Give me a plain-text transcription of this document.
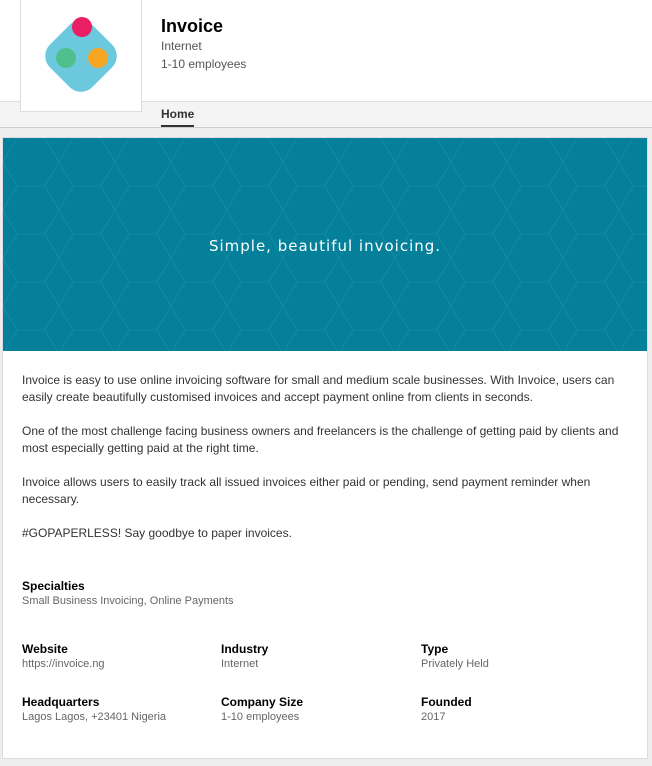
Invoice
Internet
1-10 employees
Home
Simple, beautiful invoicing.

Invoice is easy to use online invoicing software for small and medium scale businesses. With Invoice, users can easily create beautifully customised invoices and accept payment online from clients in seconds.

One of the most challenge facing business owners and freelancers is the challenge of getting paid by clients and most especially getting paid at the right time.

Invoice allows users to easily track all issued invoices either paid or pending, send payment reminder when necessary.

#GOPAPERLESS! Say goodbye to paper invoices.

Specialties
Small Business Invoicing, Online Payments
Website
https://invoice.ng
Industry
Internet
Type
Privately Held
Headquarters
Lagos Lagos, +23401 Nigeria
Company Size
1-10 employees
Founded
2017
